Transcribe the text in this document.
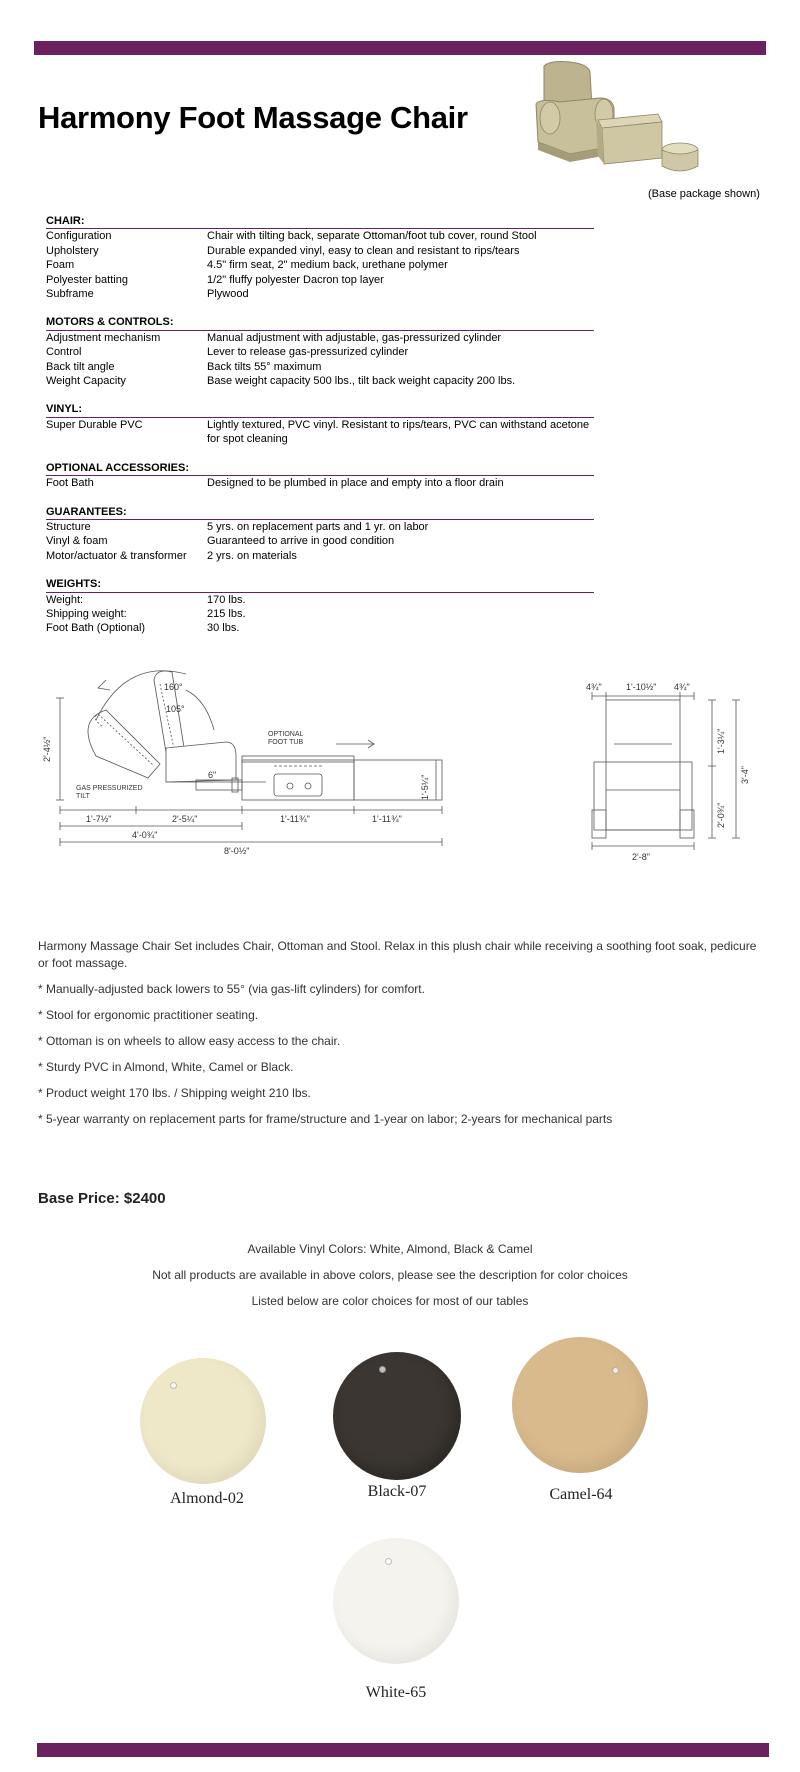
Harmony Foot Massage Chair
(Base package shown)
CHAIR:
Configuration	Chair with tilting back, separate Ottoman/foot tub cover, round Stool
Upholstery	Durable expanded vinyl, easy to clean and resistant to rips/tears
Foam	4.5" firm seat, 2" medium back, urethane polymer
Polyester batting	1/2" fluffy polyester Dacron top layer
Subframe	Plywood
MOTORS & CONTROLS:
Adjustment mechanism	Manual adjustment with adjustable, gas-pressurized cylinder
Control	Lever to release gas-pressurized cylinder
Back tilt angle	Back tilts 55° maximum
Weight Capacity	Base weight capacity 500 lbs., tilt back weight capacity 200 lbs.
VINYL:
Super Durable PVC	Lightly textured, PVC vinyl. Resistant to rips/tears, PVC can withstand acetone for spot cleaning
OPTIONAL ACCESSORIES:
Foot Bath	Designed to be plumbed in place and empty into a floor drain
GUARANTEES:
Structure	5 yrs. on replacement parts and 1 yr. on labor
Vinyl & foam	Guaranteed to arrive in good condition
Motor/actuator & transformer	2 yrs. on materials
WEIGHTS:
Weight:	170 lbs.
Shipping weight:	215 lbs.
Foot Bath (Optional)	30 lbs.
160°
105°
2'-4½"
GAS PRESSURIZED
TILT
OPTIONAL
FOOT TUB
6"	1'-5¼"
1'-7½"	2'-5¼"	1'-11¾"	1'-11¾"
4'-0¾"
8'-0½"
4¾"	1'-10½" 4¾"
1'-3¼"
2'-0¾"
3'-4"
2'-8"

Harmony Massage Chair Set includes Chair, Ottoman and Stool. Relax in this plush chair while receiving a soothing foot soak, pedicure or foot massage.

* Manually-adjusted back lowers to 55° (via gas-lift cylinders) for comfort.

* Stool for ergonomic practitioner seating.

* Ottoman is on wheels to allow easy access to the chair.

* Sturdy PVC in Almond, White, Camel or Black.

* Product weight 170 lbs. / Shipping weight 210 lbs.

* 5-year warranty on replacement parts for frame/structure and 1-year on labor; 2-years for mechanical parts

Base Price: $2400
Available Vinyl Colors: White, Almond, Black & Camel
Not all products are available in above colors, please see the description for color choices
Listed below are color choices for most of our tables
Almond-02	Black-07	Camel-64
White-65
